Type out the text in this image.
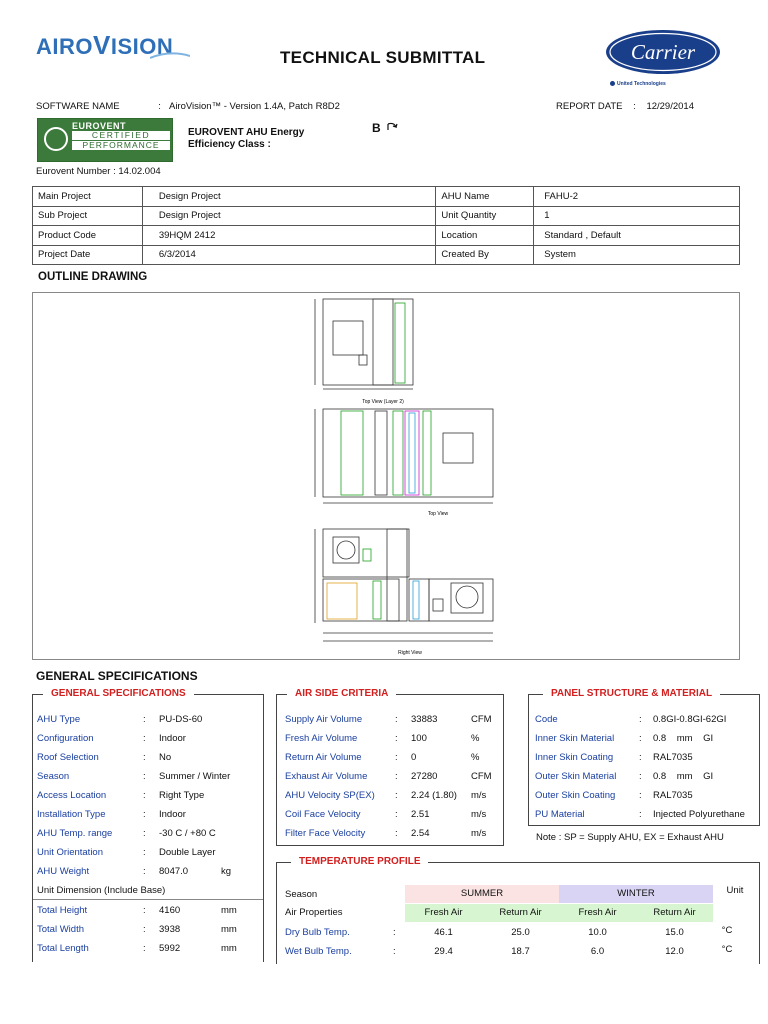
AIROVISION	TECHNICAL SUBMITTAL	Carrier
United Technologies
SOFTWARE NAME	: AiroVision™ - Version 1.4A, Patch R8D2	REPORT DATE : 12/29/2014
EUROVENT
CERTIFIED
PERFORMANCE
EUROVENT AHU Energy
Efficiency Class :
B
Eurovent Number : 14.02.004
Main Project	Design Project	AHU Name	FAHU-2
Sub Project	Design Project	Unit Quantity	1
Product Code	39HQM 2412	Location	Standard , Default
Project Date	6/3/2014	Created By	System
OUTLINE DRAWING
Top View (Layer 2)
Top View
Right View
GENERAL SPECIFICATIONS
GENERAL SPECIFICATIONS
AHU Type	: PU-DS-60
Configuration	: Indoor
Roof Selection	: No
Season	: Summer / Winter
Access Location	: Right Type
Installation Type	: Indoor
AHU Temp. range	: -30 C / +80 C
Unit Orientation	: Double Layer
AHU Weight	: 8047.0	kg
Unit Dimension (Include Base)
Total Height	: 4160	mm
Total Width	: 3938	mm
Total Length	: 5992	mm
AIR SIDE CRITERIA
Supply Air Volume	: 33883	CFM
Fresh Air Volume	: 100	%
Return Air Volume	: 0	%
Exhaust Air Volume	: 27280	CFM
AHU Velocity SP(EX) : 2.24 (1.80) m/s
Coil Face Velocity	: 2.51	m/s
Filter Face Velocity	: 2.54	m/s
PANEL STRUCTURE & MATERIAL
Code	: 0.8GI-0.8GI-62GI
Inner Skin Material	: 0.8    mm    GI
Inner Skin Coating	: RAL7035
Outer Skin Material : 0.8    mm    GI
Outer Skin Coating : RAL7035
PU Material	: Injected Polyurethane
Note : SP = Supply AHU, EX = Exhaust AHU
TEMPERATURE PROFILE
Season	SUMMER	WINTER	Unit
Air Properties	Fresh Air	Return Air	Fresh Air	Return Air
Dry Bulb Temp.	:	46.1	25.0	10.0	15.0	°C
Wet Bulb Temp.	:	29.4	18.7	6.0	12.0	°C
